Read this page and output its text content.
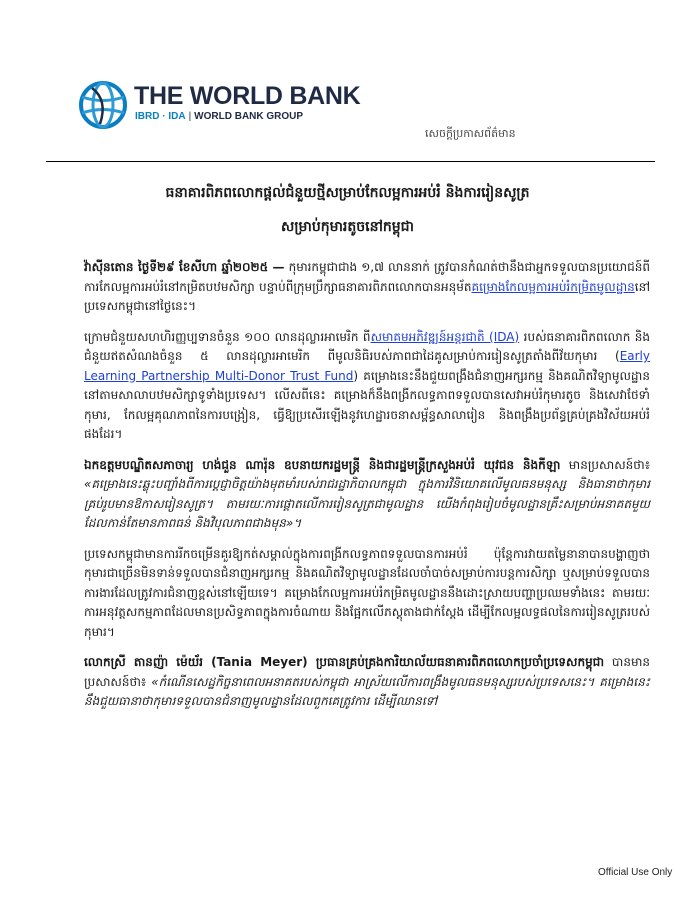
THE WORLD BANK
IBRD · IDA | WORLD BANK GROUP
សេចក្តីប្រកាសព័ត៌មាន
ធនាគារពិភពលោកផ្តល់ជំនួយថ្មីសម្រាប់កែលម្អការអប់រំ និងការរៀនសូត្រ
សម្រាប់កុមារតូចនៅកម្ពុជា

វ៉ាស៊ីនតោន ថ្ងៃទី២៩ ខែសីហា ឆ្នាំ២០២៥ — កុមារកម្ពុជាជាង ១,៧ លាននាក់ ត្រូវបានកំណត់ថានឹងជាអ្នកទទួលបានប្រយោជន៍ពីការកែលម្អការអប់រំនៅកម្រិតបឋមសិក្សា បន្ទាប់ពីក្រុមប្រឹក្សាធនាគារពិភពលោកបានអនុម័តគម្រោងកែលម្អការអប់រំកម្រិតមូលដ្ឋាននៅប្រទេសកម្ពុជានៅថ្ងៃនេះ។

ក្រោមជំនួយសហហិរញ្ញប្បទានចំនួន ១០០ លានដុល្លារអាមេរិក ពីសមាគមអភិវឌ្ឍន៍អន្តរជាតិ (IDA) របស់ធនាគារពិភពលោក និងជំនួយឥតសំណងចំនួន ៥ លានដុល្លារអាមេរិក ពីមូលនិធិរបស់ភាពជាដៃគូសម្រាប់ការរៀនសូត្រតាំងពីវ័យកុមារ (Early Learning Partnership Multi-Donor Trust Fund) គម្រោងនេះនឹងជួយពង្រឹងជំនាញអក្សរកម្ម និងគណិតវិទ្យាមូលដ្ឋាននៅតាមសាលាបឋមសិក្សាទូទាំងប្រទេស។ លើសពីនេះ គម្រោងក៏នឹងពង្រីកលទ្ធភាពទទួលបានសេវាអប់រំកុមារតូច និងសេវាថែទាំកុមារ, កែលម្អគុណភាពនៃការបង្រៀន, ធ្វើឱ្យប្រសើរឡើងនូវហេដ្ឋារចនាសម្ព័ន្ធសាលារៀន និងពង្រឹងប្រព័ន្ធគ្រប់គ្រងវិស័យអប់រំផងដែរ។

ឯកឧត្តមបណ្ឌិតសភាចារ្យ ហង់ជួន ណារ៉ុន ឧបនាយករដ្ឋមន្ត្រី និងជារដ្ឋមន្ត្រីក្រសួងអប់រំ យុវជន និងកីឡា មានប្រសាសន៍ថា៖ «គម្រោងនេះឆ្លុះបញ្ចាំងពីការប្តេជ្ញាចិត្តយ៉ាងមុតមាំរបស់រាជរដ្ឋាភិបាលកម្ពុជា ក្នុងការវិនិយោគលើមូលធនមនុស្ស និងធានាថាកុមារគ្រប់រូបមានឱកាសរៀនសូត្រ។ តាមរយៈការផ្តោតលើការរៀនសូត្រជាមូលដ្ឋាន យើងកំពុងរៀបចំមូលដ្ឋានគ្រឹះសម្រាប់អនាគតមួយដែលកាន់តែមានភាពធន់ និងវិបុលភាពជាងមុន»។

ប្រទេសកម្ពុជាមានការរីកចម្រើនគួរឱ្យកត់សម្គាល់ក្នុងការពង្រីកលទ្ធភាពទទួលបានការអប់រំ ប៉ុន្តែការវាយតម្លៃនានាបានបង្ហាញថា កុមារជាច្រើនមិនទាន់ទទួលបានជំនាញអក្សរកម្ម និងគណិតវិទ្យាមូលដ្ឋានដែលចាំបាច់សម្រាប់ការបន្តការសិក្សា ឬសម្រាប់ទទួលបានការងារដែលត្រូវការជំនាញខ្ពស់នៅឡើយទេ។ គម្រោងកែលម្អការអប់រំកម្រិតមូលដ្ឋាននឹងដោះស្រាយបញ្ហាប្រឈមទាំងនេះ តាមរយៈការអនុវត្តសកម្មភាពដែលមានប្រសិទ្ធភាពក្នុងការចំណាយ និងផ្អែកលើភស្តុតាងជាក់ស្តែង ដើម្បីកែលម្អលទ្ធផលនៃការរៀនសូត្ររបស់កុមារ។

លោកស្រី តានញ៉ា ម៉េយ័រ (Tania Meyer) ប្រធានគ្រប់គ្រងការិយាល័យធនាគារពិភពលោកប្រចាំប្រទេសកម្ពុជា បានមានប្រសាសន៍ថា៖ «កំណើនសេដ្ឋកិច្ចនាពេលអនាគតរបស់កម្ពុជា អាស្រ័យលើការពង្រឹងមូលធនមនុស្សរបស់ប្រទេសនេះ។ គម្រោងនេះនឹងជួយធានាថាកុមារទទួលបានជំនាញមូលដ្ឋានដែលពួកគេត្រូវការ ដើម្បីឈានទៅ

Official Use Only
